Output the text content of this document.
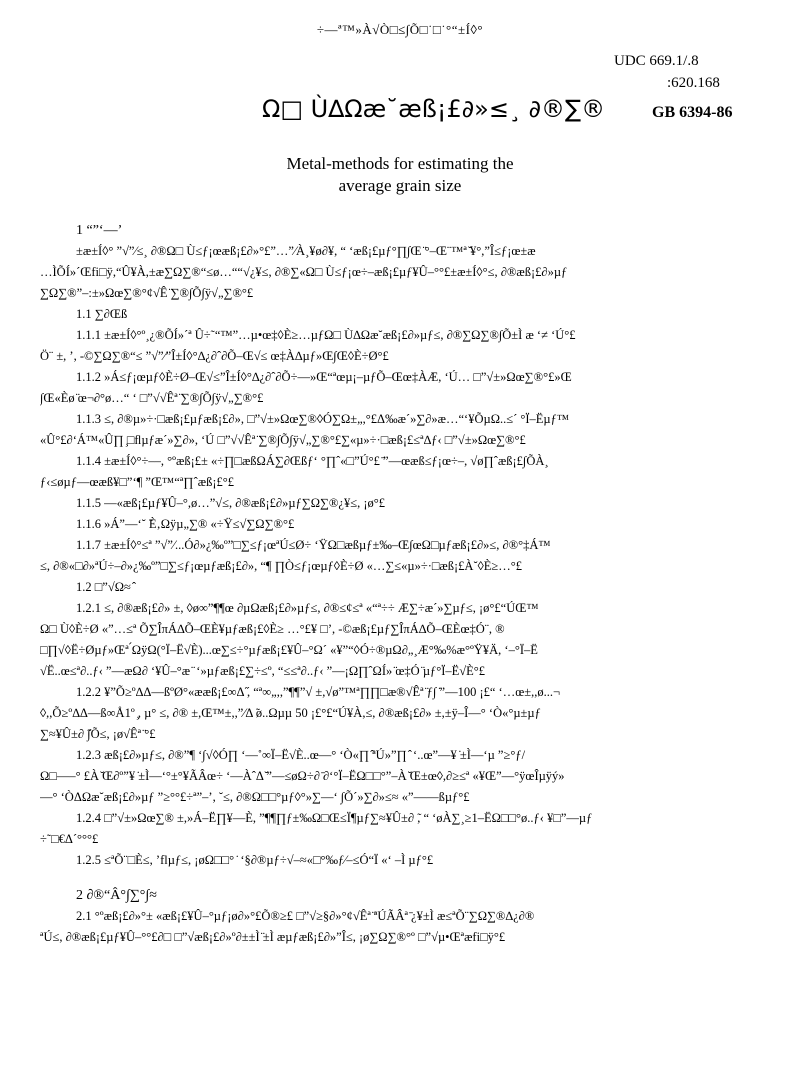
÷—ª™»À√Ò□≤∫Õ□˙□˙°“±Í◊°
UDC 669.1/.8
:620.168
Ω□ Ù∆Ωæ˘æß¡£∂»≤¸ ∂®∑®	GB 6394-86
Metal-methods for estimating the
average grain size
1 “”‘—’
±æ±Í◊° ”√”⁄≤¸ ∂®Ω□ Ù≤ƒ¡œæß¡£∂»°£”…”⁄À¸¥ø∂¥, “ ‘æß¡£µƒ°∏∫Œ ̈°–Œ¨™ª ̆¥°,”Î≤ƒ¡œ±æ
…ÌÕÍ»´Œfi□ÿ,“Û¥À,±æ∑Ω∑®“≤ø…““√¿¥≤, ∂®∑«Ω□ Ù≤ƒ¡œ÷–æß¡£µƒ¥Û–°°£±æ±Í◊°≤, ∂®æß¡£∂»µƒ
∑Ω∑®”–:±»Ωœ∑®°¢√Ê ̈∑®∫Õ∫ÿ√„∑®°£
1.1 ∑∂Œß
1.1.1 ±æ±Í◊°º¸¿®ÕÍ»´ª Û÷˜“™”…µ•œ‡◊È≥…µƒΩ□ Ù∆Ωæ˘æß¡£∂»µƒ≤, ∂®∑Ω∑®∫Õ±Ì æ ‘≠ ‘Ú°£
Ö¨ ±, ’, -©∑Ω∑®“≤ ”√”⁄”Î±Í◊°∆¿∂ˆ∂Õ–Œ√≤ œ‡À∆µƒ»Œ∫Œ◊È÷Ø°£
1.1.2 »Á≤ƒ¡œµƒ◊È÷Ø–Œ√≤”Î±Í◊°∆¿∂ˆ∂Õ÷—»Œ“ªœµ¡–µƒÕ–Œœ‡ÀÆ, ‘Ú… □”√±»Ωœ∑®°£»Œ
∫Œ«Èø ̈œ¬∂°ø…“ ‘ □”√√Êª ̈∑®∫Õ∫ÿ√„∑®°£
1.1.3 ≤, ∂®µ»÷·□æß¡£µƒæß¡£∂», □”√±»Ωœ∑®◊Ó∑Ω±„,°£Δ‰æ´»∑∂»æ…“‘¥ÕµΩ..≤´ °Ï–Ëµƒ™
«Û°£∂‘Á™«Û∏ ̧□ﬂµƒæ´»∑∂», ‘Ú □”√√Êª ̈∑®∫Õ∫ÿ√„∑®°£∑«µ»÷·□æß¡£≤ª∆ƒ‹ □”√±»Ωœ∑®°£
1.1.4 ±æ±Í◊°÷––, °ºæß¡£± «÷∏□æßΩÁ∑∂Œßƒ‘ °∏ˆ«□”Ú°£ ̄”—œæß≤ƒ¡œ÷–, √ø∏ˆæß¡£∫ÕÀ¸
ƒ‹≤øµƒ—œæß¥□”‘¶ ”Œ™“ª∏ˆæß¡£°£
1.1.5 —«æß¡£µƒ¥Û–°,ø…”√≤, ∂®æß¡£∂»µƒ∑Ω∑®¿¥≤, ¡ø°£
1.1.6 »Á”—‘˘ ̃È‚Ωÿµ„∑® «÷Ÿ≤√∑Ω∑®°£
1.1.7 ±æ±Í◊°≤ª ”√”⁄...Ó∂»¿‰º”□∑≤ƒ¡œªÚ≤Ø÷ ‘ŸΩ□æßµƒ±‰–Œ∫œΩ□µƒæß¡£∂»≤, ∂®°‡Á™
≤, ∂®«□∂»ªÚ÷–∂»¿‰º”□∑≤ƒ¡œµƒæß¡£∂», “¶ ∏Ò≤ƒ¡œµƒ◊È÷Ø «…∑≤«µ»÷·□æß¡£À˘◊È≥…°£
1.2 □”√Ω≈ ̂
1.2.1 ≤, ∂®æß¡£∂» ±, ◊ø∞”¶¶œ ∂µΩæß¡£∂»µƒ≤, ∂®≤¢≤ª «“ª÷÷ Æ∑÷æ´»∑µƒ≤, ¡ø°£“ÚŒ™
Ω□ Ù◊È÷Ø «”…≤ª Õ∑ÎπÁ∆Õ–ŒÈ¥µƒæß¡£◊È≥ …°£¥ □’, -©æß¡£µƒ∑ÎπÁ∆Õ–ŒÈœ‡Ó¨, ®
□∏√◊Ë÷Øµƒ»Œª ́ΩÿΩ(°Ï–Ë√È)...œ∑≤÷°µƒæß¡£¥Û–°Ω´ «¥”“◊Ó÷®µΩ∂„¸Æ°‰%æ°ºŸ¥Ä, ‘–°Ï–Ë
√Ë..œ≤ª∂..ƒ‹ ”—æΩ∂ ‘¥Û–°æ ̈ ‘»µƒæß¡£∑÷≤º, “≤≤ª∂..ƒ‹ ”—¡Ω∏ˆΩÍ» ̈œ‡Ó ̈µƒ°Ï–Ë√È°£
1.2.2 ¥”Õ≥º∆Δ—ßºØ°«ææß¡£∞Δ ̋, “ª∞„,,”¶¶”√ ±,√ø”™ª∏∏□æ®√Êª ̈ƒ∫ ̇”—100 ¡£“ ‘…œ±,,ø...¬
◊,,Õ≥º∆Δ—ß∞Å1º ̧, µ° ≤, ∂® ±,Œ™±,,”⁄Δ ̃ø..Ωµµ 50 ¡£°£“Ú¥À,≤, ∂®æß¡£∂» ±,±ÿ–Î—° ‘Ò«°µ±µƒ
∑≈¥Û±∂ ̃∫Õ≤, ¡ø√Êª ̈°£
1.2.3 æß¡£∂»µƒ≤, ∂®”¶ ‘∫√◊Ó∏ ‘—˚∞Ï–Ë√È..œ—° ‘Ò«∏ ̂ªÚ»”∏ ̂ ‘..œ”—¥ ̇±Ì—‘µ ”≥°ƒ/
Ω□—–° £À ̆Œ∂º”¥ ̇±Ì—‘°±°¥ÃÂœ÷ ‘—ÀˆΔ ̆”—≤øΩ÷∂ ̄∂‘°Ï–ËΩ□□°”–À ̆Œ±œ◊,∂≥≤ª «¥Œ”—°ÿœÎµÿý»
—° ‘ÒΔΩæ˘æß¡£∂»µƒ ”≥°°£÷ª”–’, ˘≤, ∂®Ω□□°µƒ◊°»∑—‘ ∫Õ´»∑∂»≤≈ «”——ßµƒ°£
1.2.4 □”√±»Ωœ∑® ±,»Á–Ë∏¥—È, ”¶¶∏ƒ±‰Ω□Œ≤Ï¶µƒ∑≈¥Û±∂ ̃, “ ‘øÀ∑¸≥1–ËΩ□□°ø..ƒ‹ ¥□”—µƒ
÷˜□€Δ´°°°£
1.2.5 ≤ªÕ¨□È≤, ’flµƒ≤, ¡øΩ□□° ̇ ‘§∂®µƒ÷√–≈«□°‰ƒ⁄–≤Ó“Ï «‘ –Ì µƒ°£
2 ∂®“Â°∫∑°∫≈
2.1 °ºæß¡£∂»°± «æß¡£¥Û–°µƒ¡ø∂»°£Õ®≥£ □”√≥§∂»°¢√Êª ̈ªÚÃÂª ̄¿¥±Ì æ≤ªÕ¨∑Ω∑®∆¿∂®
ªÚ≤, ∂®æß¡£µƒ¥Û–°°£∂□ □”√æß¡£∂»º∂±±Ì ̈±Ì æµƒæß¡£∂»”Î≤, ¡ø∑Ω∑®°º □”√µ•Œªæfi□ÿ°£
